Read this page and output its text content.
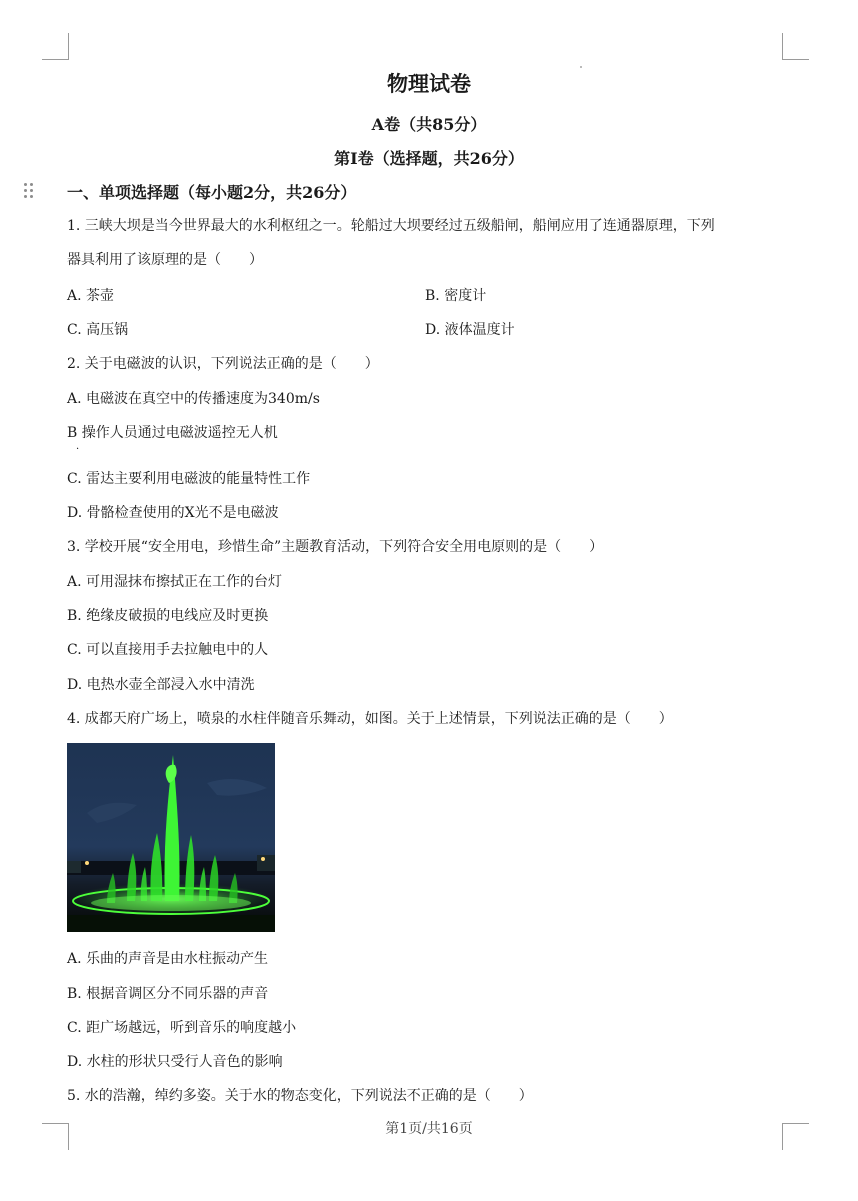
物理试卷
A卷（共85分）
第Ⅰ卷（选择题，共26分）
一、单项选择题（每小题2分，共26分）
1. 三峡大坝是当今世界最大的水利枢纽之一。轮船过大坝要经过五级船闸，船闸应用了连通器原理，下列
器具利用了该原理的是（　　）
A. 茶壶	B. 密度计
C. 高压锅	D. 液体温度计
2. 关于电磁波的认识，下列说法正确的是（　　）
A. 电磁波在真空中的传播速度为340m/s
B 操作人员通过电磁波遥控无人机
·
C. 雷达主要利用电磁波的能量特性工作
D. 骨骼检查使用的X光不是电磁波
3. 学校开展“安全用电，珍惜生命”主题教育活动，下列符合安全用电原则的是（　　）
A. 可用湿抹布擦拭正在工作的台灯
B. 绝缘皮破损的电线应及时更换
C. 可以直接用手去拉触电中的人
D. 电热水壶全部浸入水中清洗
4. 成都天府广场上，喷泉的水柱伴随音乐舞动，如图。关于上述情景，下列说法正确的是（　　）
A. 乐曲的声音是由水柱振动产生
B. 根据音调区分不同乐器的声音
C. 距广场越远，听到音乐的响度越小
D. 水柱的形状只受行人音色的影响
5. 水的浩瀚，绰约多姿。关于水的物态变化，下列说法不正确的是（　　）
第1页/共16页
